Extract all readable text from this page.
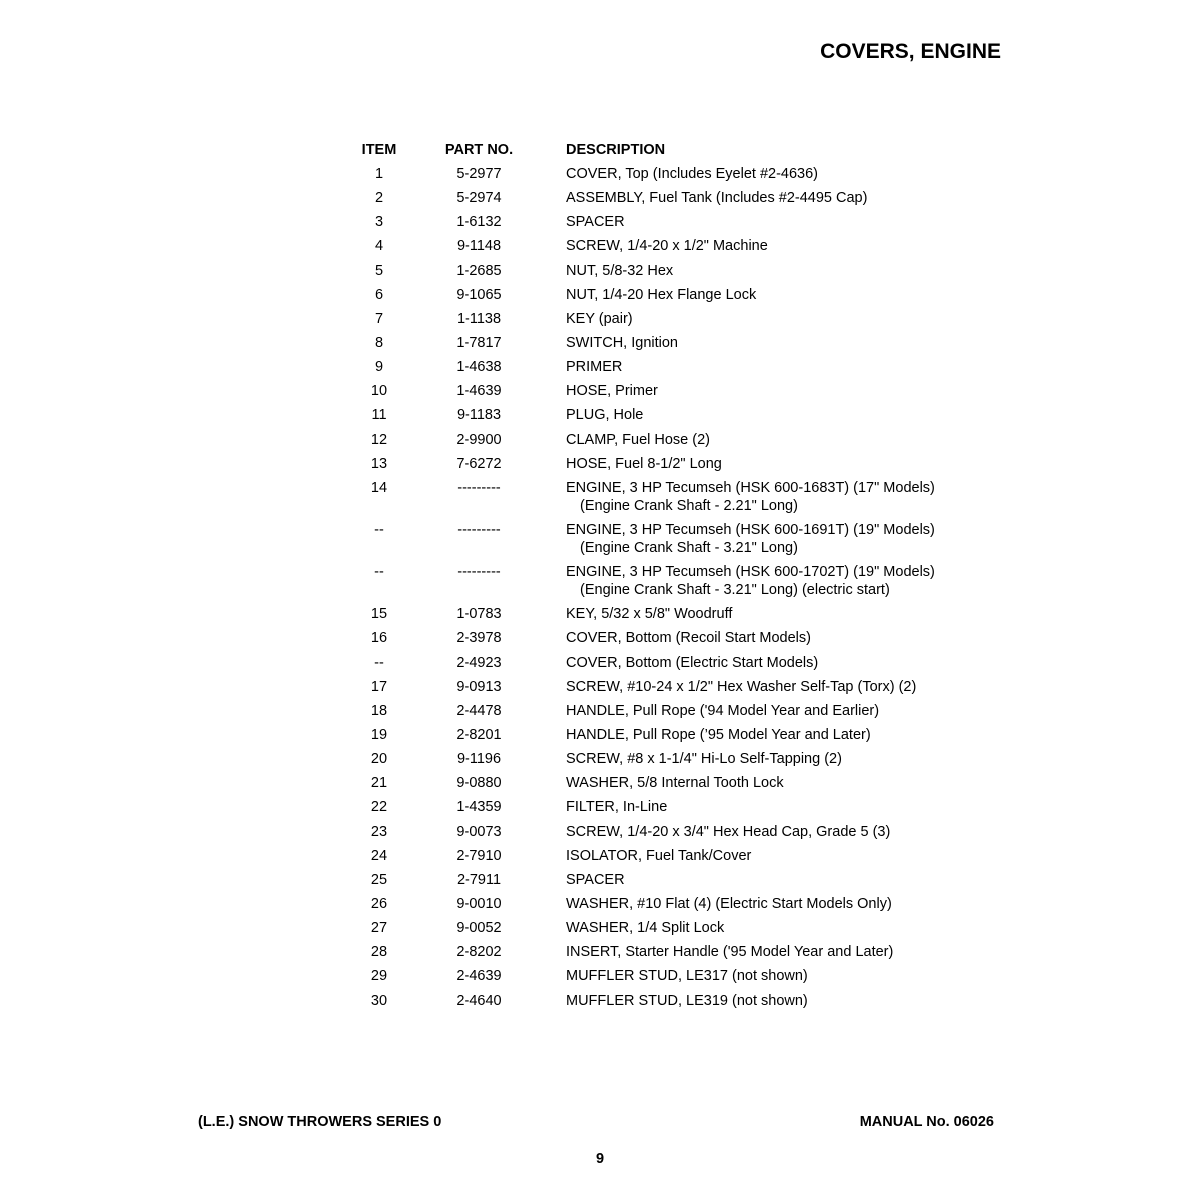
COVERS, ENGINE
ITEM	PART NO.	DESCRIPTION
1	5-2977	COVER, Top (Includes Eyelet #2-4636)
2	5-2974	ASSEMBLY, Fuel Tank (Includes #2-4495 Cap)
3	1-6132	SPACER
4	9-1148	SCREW, 1/4-20 x 1/2" Machine
5	1-2685	NUT, 5/8-32 Hex
6	9-1065	NUT, 1/4-20 Hex Flange Lock
7	1-1138	KEY (pair)
8	1-7817	SWITCH, Ignition
9	1-4638	PRIMER
10	1-4639	HOSE, Primer
11	9-1183	PLUG, Hole
12	2-9900	CLAMP, Fuel Hose (2)
13	7-6272	HOSE, Fuel 8-1/2" Long
14	---------	ENGINE, 3 HP Tecumseh (HSK 600-1683T) (17" Models)
(Engine Crank Shaft - 2.21" Long)
--	---------	ENGINE, 3 HP Tecumseh (HSK 600-1691T) (19" Models)
(Engine Crank Shaft - 3.21" Long)
--	---------	ENGINE, 3 HP Tecumseh (HSK 600-1702T) (19" Models)
(Engine Crank Shaft - 3.21" Long) (electric start)
15	1-0783	KEY, 5/32 x 5/8" Woodruff
16	2-3978	COVER, Bottom (Recoil Start Models)
--	2-4923	COVER, Bottom (Electric Start Models)
17	9-0913	SCREW, #10-24 x 1/2" Hex Washer Self-Tap (Torx) (2)
18	2-4478	HANDLE, Pull Rope ('94 Model Year and Earlier)
19	2-8201	HANDLE, Pull Rope (’95 Model Year and Later)
20	9-1196	SCREW, #8 x 1-1/4" Hi-Lo Self-Tapping (2)
21	9-0880	WASHER, 5/8 Internal Tooth Lock
22	1-4359	FILTER, In-Line
23	9-0073	SCREW, 1/4-20 x 3/4" Hex Head Cap, Grade 5 (3)
24	2-7910	ISOLATOR, Fuel Tank/Cover
25	2-7911	SPACER
26	9-0010	WASHER, #10 Flat (4) (Electric Start Models Only)
27	9-0052	WASHER, 1/4 Split Lock
28	2-8202	INSERT, Starter Handle ('95 Model Year and Later)
29	2-4639	MUFFLER STUD, LE317 (not shown)
30	2-4640	MUFFLER STUD, LE319 (not shown)
(L.E.) SNOW THROWERS SERIES 0	MANUAL No. 06026
9
